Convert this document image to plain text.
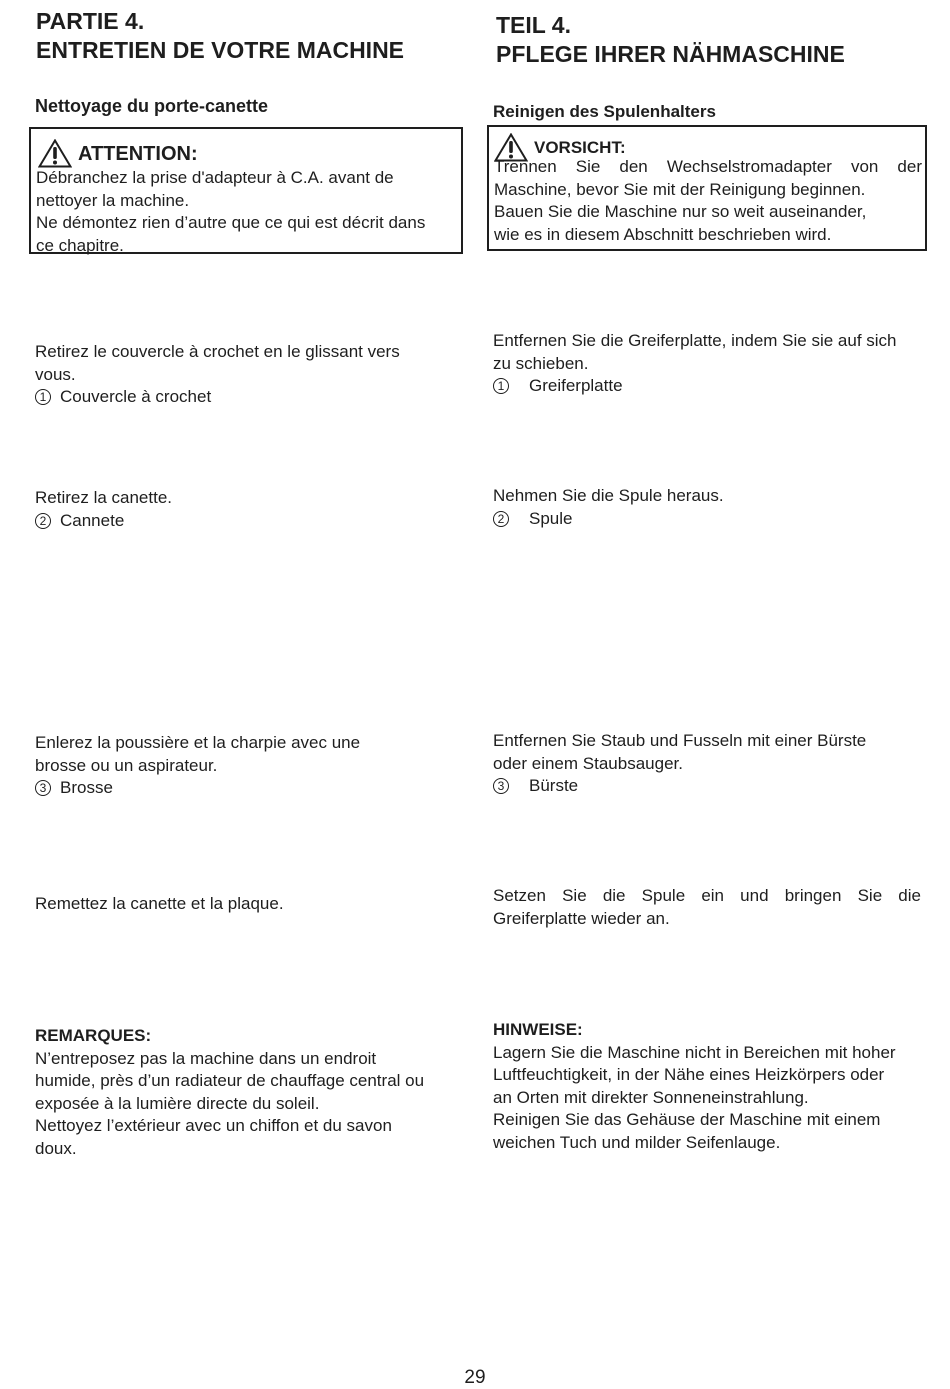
PARTIE 4.
ENTRETIEN DE VOTRE MACHINE
Nettoyage du porte-canette
ATTENTION:

Débranchez la prise d'adapteur à C.A. avant de
nettoyer la machine.
Ne démontez rien d’autre que ce qui est décrit dans
ce chapitre.

Retirez le couvercle à crochet en le glissant vers
vous.

1 Couvercle à crochet

Retirez la canette.

2 Cannete

Enlerez la poussière et la charpie avec une
brosse ou un aspirateur.

3 Brosse

Remettez la canette et la plaque.

REMARQUES:

N’entreposez pas la machine dans un endroit
humide, près d’un radiateur de chauffage central ou
exposée à la lumière directe du soleil.
Nettoyez l’extérieur avec un chiffon et du savon
doux.

TEIL 4.
PFLEGE IHRER NÄHMASCHINE
Reinigen des Spulenhalters
VORSICHT:

Trennen Sie den Wechselstromadapter von der
Maschine, bevor Sie mit der Reinigung beginnen.
Bauen Sie die Maschine nur so weit auseinander,
wie es in diesem Abschnitt beschrieben wird.

Entfernen Sie die Greiferplatte, indem Sie sie auf sich
zu schieben.

1 Greiferplatte

Nehmen Sie die Spule heraus.

2 Spule

Entfernen Sie Staub und Fusseln mit einer Bürste
oder einem Staubsauger.

3 Bürste

Setzen Sie die Spule ein und bringen Sie die
Greiferplatte wieder an.

HINWEISE:

Lagern Sie die Maschine nicht in Bereichen mit hoher
Luftfeuchtigkeit, in der Nähe eines Heizkörpers oder
an Orten mit direkter Sonneneinstrahlung.
Reinigen Sie das Gehäuse der Maschine mit einem
weichen Tuch und milder Seifenlauge.

29
